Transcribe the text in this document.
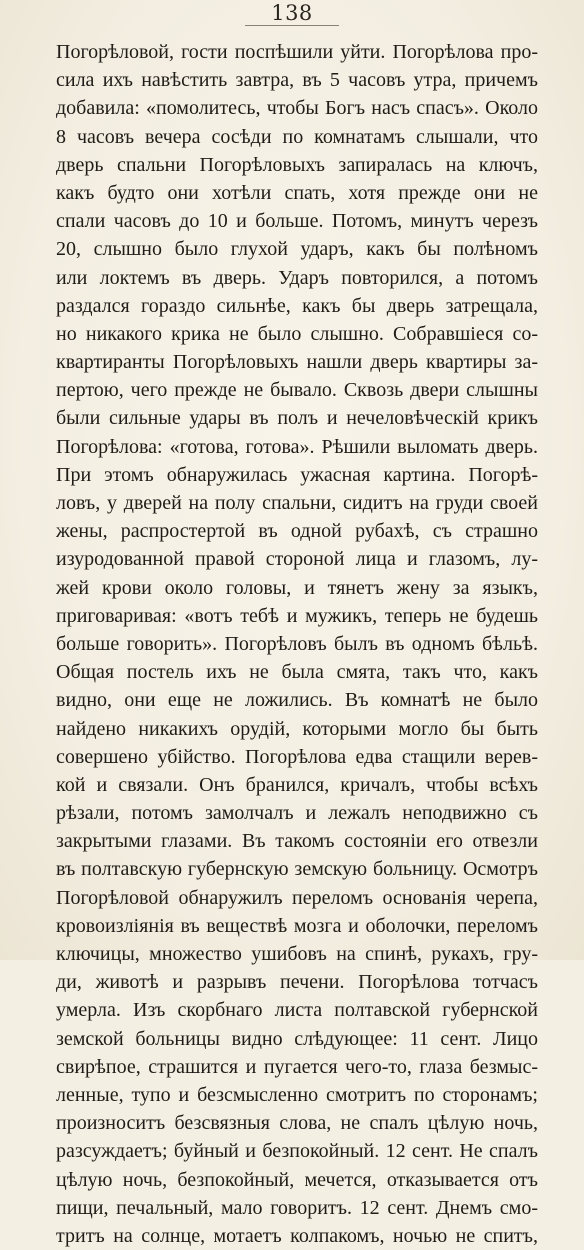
138
Погорѣловой, гости поспѣшили уйти. Погорѣлова про-
сила ихъ навѣстить завтра, въ 5 часовъ утра, причемъ
добавила: «помолитесь, чтобы Богъ насъ спасъ». Около
8 часовъ вечера сосѣди по комнатамъ слышали, что
дверь спальни Погорѣловыхъ запиралась на ключъ,
какъ будто они хотѣли спать, хотя прежде они не
спали часовъ до 10 и больше. Потомъ, минутъ черезъ
20, слышно было глухой ударъ, какъ бы полѣномъ
или локтемъ въ дверь. Ударъ повторился, а потомъ
раздался гораздо сильнѣе, какъ бы дверь затрещала,
но никакого крика не было слышно. Собравшіеся со-
квартиранты Погорѣловыхъ нашли дверь квартиры за-
пертою, чего прежде не бывало. Сквозь двери слышны
были сильные удары въ полъ и нечеловѣческій крикъ
Погорѣлова: «готова, готова». Рѣшили выломать дверь.
При этомъ обнаружилась ужасная картина. Погорѣ-
ловъ, у дверей на полу спальни, сидитъ на груди своей
жены, распростертой въ одной рубахѣ, съ страшно
изуродованной правой стороной лица и глазомъ, лу-
жей крови около головы, и тянетъ жену за языкъ,
приговаривая: «вотъ тебѣ и мужикъ, теперь не будешь
больше говорить». Погорѣловъ былъ въ одномъ бѣльѣ.
Общая постель ихъ не была смята, такъ что, какъ
видно, они еще не ложились. Въ комнатѣ не было
найдено никакихъ орудій, которыми могло бы быть
совершено убійство. Погорѣлова едва стащили верев-
кой и связали. Онъ бранился, кричалъ, чтобы всѣхъ
рѣзали, потомъ замолчалъ и лежалъ неподвижно съ
закрытыми глазами. Въ такомъ состояніи его отвезли
въ полтавскую губернскую земскую больницу. Осмотръ
Погорѣловой обнаружилъ переломъ основанія черепа,
кровоизліянія въ веществѣ мозга и оболочки, переломъ
ключицы, множество ушибовъ на спинѣ, рукахъ, гру-
ди, животѣ и разрывъ печени. Погорѣлова тотчасъ
умерла. Изъ скорбнаго листа полтавской губернской
земской больницы видно слѣдующее: 11 сент. Лицо
свирѣпое, страшится и пугается чего-то, глаза безмыс-
ленные, тупо и безсмысленно смотритъ по сторонамъ;
произноситъ безсвязныя слова, не спалъ цѣлую ночь,
разсуждаетъ; буйный и безпокойный. 12 сент. Не спалъ
цѣлую ночь, безпокойный, мечется, отказывается отъ
пищи, печальный, мало говоритъ. 12 сент. Днемъ смо-
тритъ на солнце, мотаетъ колпакомъ, ночью не спитъ,
